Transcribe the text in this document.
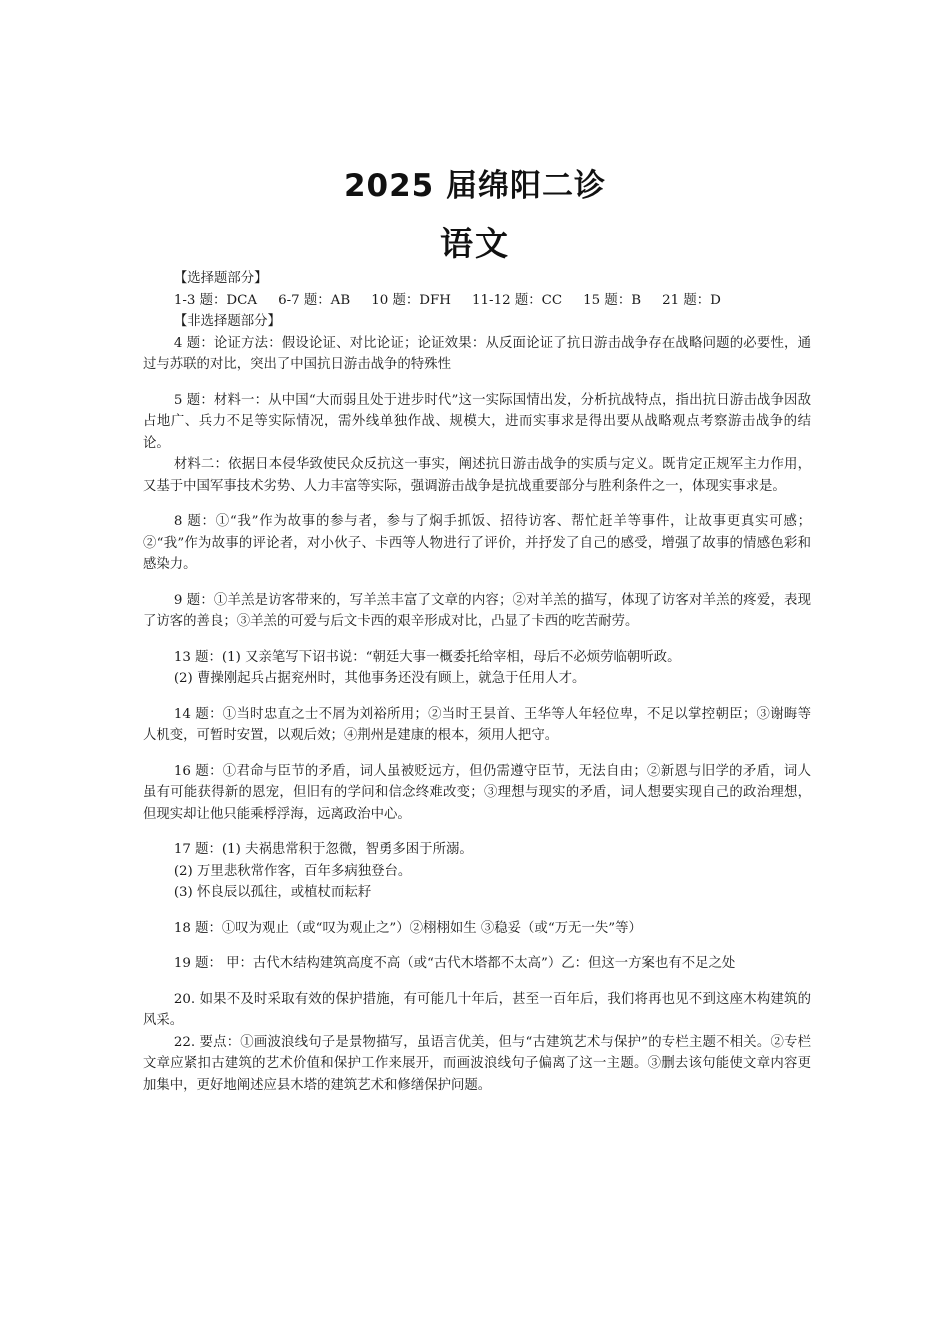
2025 届绵阳二诊
语文

【选择题部分】

1-3 题：DCA 6-7 题：AB 10 题：DFH 11-12 题：CC 15 题：B 21 题：D

【非选择题部分】

4 题：论证方法：假设论证、对比论证；论证效果：从反面论证了抗日游击战争存在战略问题的必要性，通过与苏联的对比，突出了中国抗日游击战争的特殊性

5 题：材料一：从中国“大而弱且处于进步时代”这一实际国情出发，分析抗战特点，指出抗日游击战争因敌占地广、兵力不足等实际情况，需外线单独作战、规模大，进而实事求是得出要从战略观点考察游击战争的结论。

材料二：依据日本侵华致使民众反抗这一事实，阐述抗日游击战争的实质与定义。既肯定正规军主力作用，又基于中国军事技术劣势、人力丰富等实际，强调游击战争是抗战重要部分与胜利条件之一，体现实事求是。

8 题：①“我”作为故事的参与者，参与了焖手抓饭、招待访客、帮忙赶羊等事件，让故事更真实可感；②“我”作为故事的评论者，对小伙子、卡西等人物进行了评价，并抒发了自己的感受，增强了故事的情感色彩和感染力。

9 题：①羊羔是访客带来的，写羊羔丰富了文章的内容；②对羊羔的描写，体现了访客对羊羔的疼爱，表现了访客的善良；③羊羔的可爱与后文卡西的艰辛形成对比，凸显了卡西的吃苦耐劳。

13 题：(1) 又亲笔写下诏书说：“朝廷大事一概委托给宰相，母后不必烦劳临朝听政。

(2) 曹操刚起兵占据兖州时，其他事务还没有顾上，就急于任用人才。

14 题：①当时忠直之士不屑为刘裕所用；②当时王昙首、王华等人年轻位卑，不足以掌控朝臣；③谢晦等人机变，可暂时安置，以观后效；④荆州是建康的根本，须用人把守。

16 题：①君命与臣节的矛盾，词人虽被贬远方，但仍需遵守臣节，无法自由；②新恩与旧学的矛盾，词人虽有可能获得新的恩宠，但旧有的学问和信念终难改变；③理想与现实的矛盾，词人想要实现自己的政治理想，但现实却让他只能乘桴浮海，远离政治中心。

17 题：(1) 夫祸患常积于忽微，智勇多困于所溺。

(2) 万里悲秋常作客，百年多病独登台。

(3) 怀良辰以孤往，或植杖而耘耔

18 题：①叹为观止（或“叹为观止之”）②栩栩如生 ③稳妥（或“万无一失”等）

19 题： 甲：古代木结构建筑高度不高（或“古代木塔都不太高”）乙：但这一方案也有不足之处

20. 如果不及时采取有效的保护措施，有可能几十年后，甚至一百年后，我们将再也见不到这座木构建筑的风采。

22. 要点：①画波浪线句子是景物描写，虽语言优美，但与“古建筑艺术与保护”的专栏主题不相关。②专栏文章应紧扣古建筑的艺术价值和保护工作来展开，而画波浪线句子偏离了这一主题。③删去该句能使文章内容更加集中，更好地阐述应县木塔的建筑艺术和修缮保护问题。
